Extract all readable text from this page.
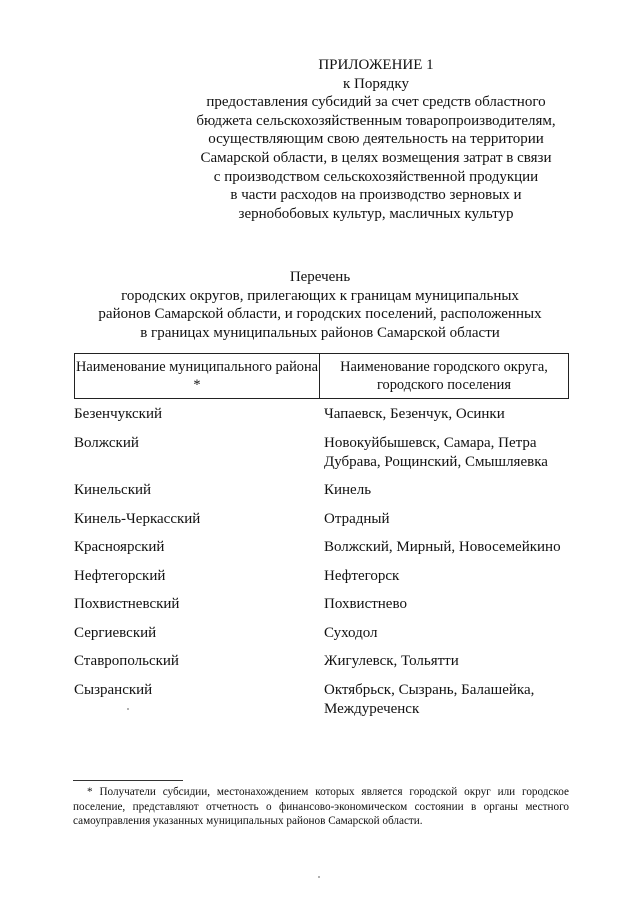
ПРИЛОЖЕНИЕ 1
к Порядку
предоставления субсидий за счет средств областного
бюджета сельскохозяйственным товаропроизводителям,
осуществляющим свою деятельность на территории
Самарской области, в целях возмещения затрат в связи
с производством сельскохозяйственной продукции
в части расходов на производство зерновых и
зернобобовых культур, масличных культур
Перечень
городских округов, прилегающих к границам муниципальных
районов Самарской области, и городских поселений, расположенных
в границах муниципальных районов Самарской области
Наименование муниципального района *
Наименование городского округа, городского поселения
Безенчукский	Чапаевск, Безенчук, Осинки
Волжский	Новокуйбышевск, Самара, Петра Дубрава, Рощинский, Смышляевка
Кинельский	Кинель
Кинель-Черкасский	Отрадный
Красноярский	Волжский, Мирный, Новосемейкино
Нефтегорский	Нефтегорск
Похвистневский	Похвистнево
Сергиевский	Суходол
Ставропольский	Жигулевск, Тольятти
Сызранский	Октябрьск, Сызрань, Балашейка, Междуреченск
* Получатели субсидии, местонахождением которых является городской округ или городское поселение, представляют отчетность о финансово-экономическом состоянии в органы местного самоуправления указанных муниципальных районов Самарской области.
